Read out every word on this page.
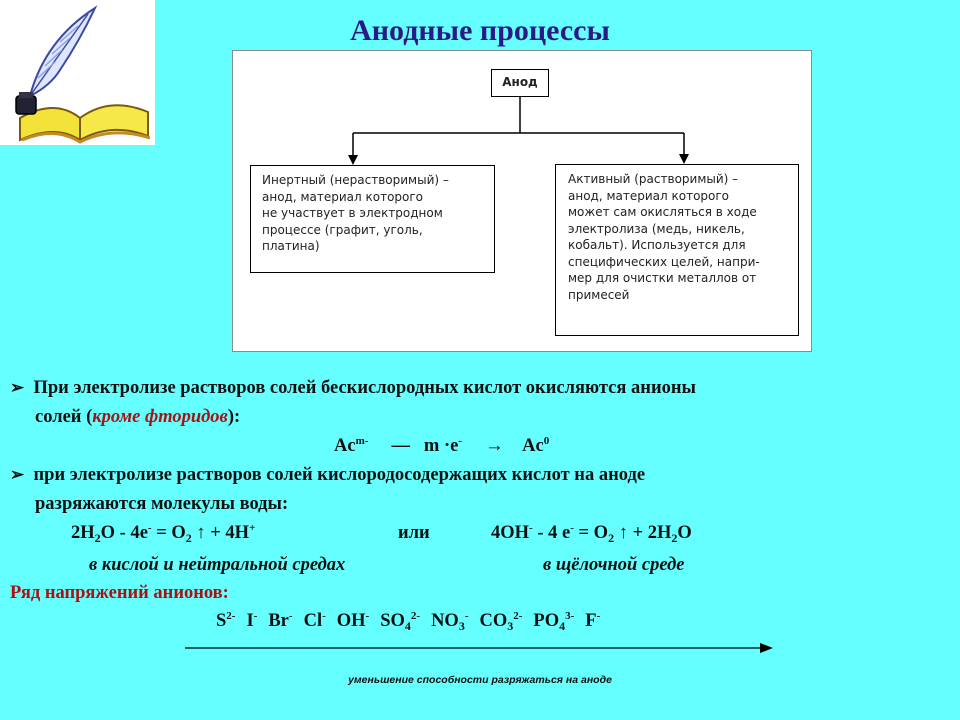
Анодные процессы
Анод
Инертный (нерастворимый) –
анод, материал которого
не участвует в электродном
процессе (графит, уголь,
платина)
Активный (растворимый) –
анод, материал которого
может сам окисляться в ходе
электролиза (медь, никель,
кобальт). Используется для
специфических целей, напри-
мер для очистки металлов от
примесей
➢ При электролизе растворов солей бескислородных кислот окисляются анионы
солей (кроме фторидов):
$Ac^{m-}$ — $m \cdot e^- \to Ac^0$
➢ при электролизе растворов солей кислородосодержащих кислот на аноде
разряжаются молекулы воды:
$2H_2O - 4e^- = O_2$ ↑ + 4H+	или	4OH- - 4 $e^- = O_2$ ↑ + $2H_2O$
в кислой и нейтральной средах	в щёлочной среде
Ряд напряжений анионов:
$S^{2-}$ I- Br- Cl- OH- $SO_4^{2-}$ $NO_3^-$ $CO_3^{2-}$ $PO_4^{3-}$ F-
уменьшение способности разряжаться на аноде
